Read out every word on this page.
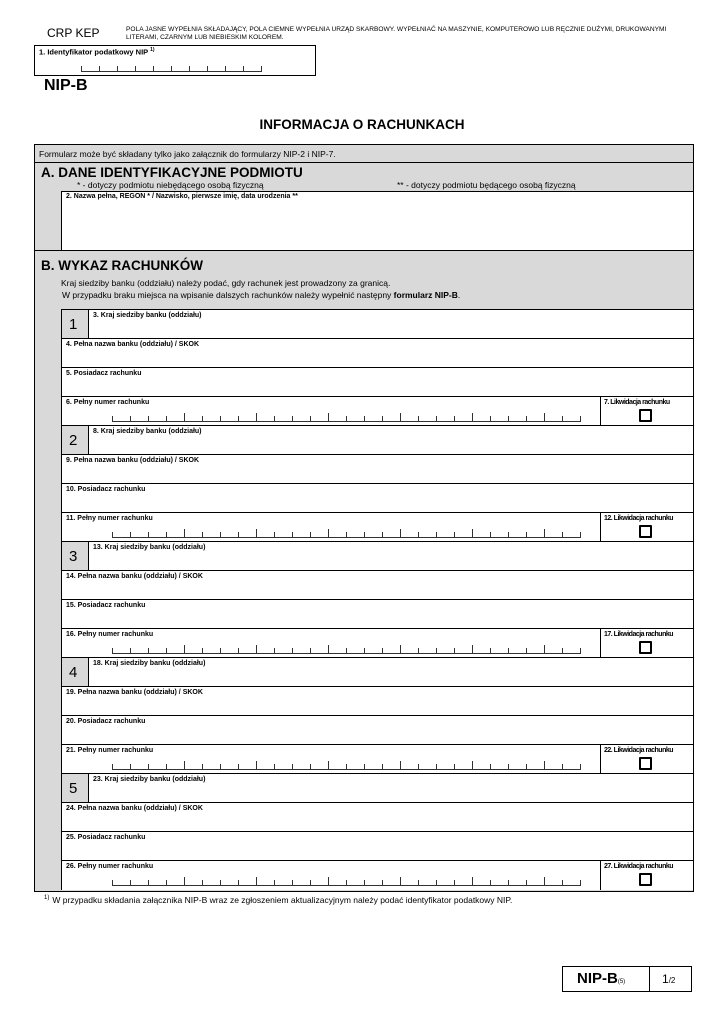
CRP KEP	POLA JASNE WYPEŁNIA SKŁADAJĄCY, POLA CIEMNE WYPEŁNIA URZĄD SKARBOWY. WYPEŁNIAĆ NA MASZYNIE, KOMPUTEROWO LUB RĘCZNIE DUŻYMI, DRUKOWANYMI LITERAMI, CZARNYM LUB NIEBIESKIM KOLOREM.
1. Identyfikator podatkowy NIP $^{1)}$
NIP-B
INFORMACJA O RACHUNKACH
Formularz może być składany tylko jako załącznik do formularzy NIP-2 i NIP-7.
A. DANE IDENTYFIKACYJNE PODMIOTU
* - dotyczy podmiotu niebędącego osobą fizyczną	** - dotyczy podmiotu będącego osobą fizyczną
2. Nazwa pełna, REGON * / Nazwisko, pierwsze imię, data urodzenia **
B. WYKAZ RACHUNKÓW
Kraj siedziby banku (oddziału) należy podać, gdy rachunek jest prowadzony za granicą.
W przypadku braku miejsca na wpisanie dalszych rachunków należy wypełnić następny formularz NIP-B.
1
3. Kraj siedziby banku (oddziału)
4. Pełna nazwa banku (oddziału) / SKOK
5. Posiadacz rachunku
6. Pełny numer rachunku	7. Likwidacja rachunku
2
8. Kraj siedziby banku (oddziału)
9. Pełna nazwa banku (oddziału) / SKOK
10. Posiadacz rachunku
11. Pełny numer rachunku	12. Likwidacja rachunku
3
13. Kraj siedziby banku (oddziału)
14. Pełna nazwa banku (oddziału) / SKOK
15. Posiadacz rachunku
16. Pełny numer rachunku	17. Likwidacja rachunku
4
18. Kraj siedziby banku (oddziału)
19. Pełna nazwa banku (oddziału) / SKOK
20. Posiadacz rachunku
21. Pełny numer rachunku	22. Likwidacja rachunku
5
23. Kraj siedziby banku (oddziału)
24. Pełna nazwa banku (oddziału) / SKOK
25. Posiadacz rachunku
26. Pełny numer rachunku	27. Likwidacja rachunku
$^{1)}$ W przypadku składania załącznika NIP-B wraz ze zgłoszeniem aktualizacyjnym należy podać identyfikator podatkowy NIP.
NIP-B(5)	1/2
